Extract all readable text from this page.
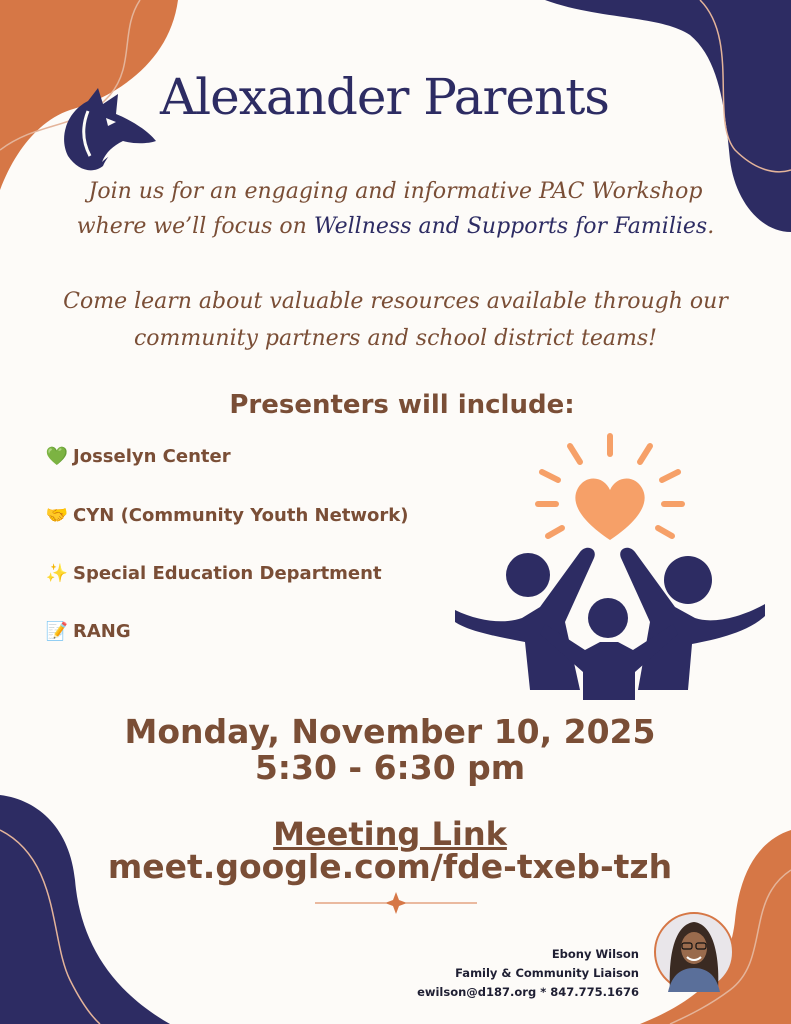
Alexander Parents
Join us for an engaging and informative PAC Workshop
where we’ll focus on Wellness and Supports for Families.
Come learn about valuable resources available through our
community partners and school district teams!
Presenters will include:
💚 Josselyn Center
🤝 CYN (Community Youth Network)
✨ Special Education Department
📝 RANG
Monday, November 10, 2025
5:30 - 6:30 pm
Meeting Link
meet.google.com/fde-txeb-tzh
Ebony Wilson
Family & Community Liaison
ewilson@d187.org * 847.775.1676
